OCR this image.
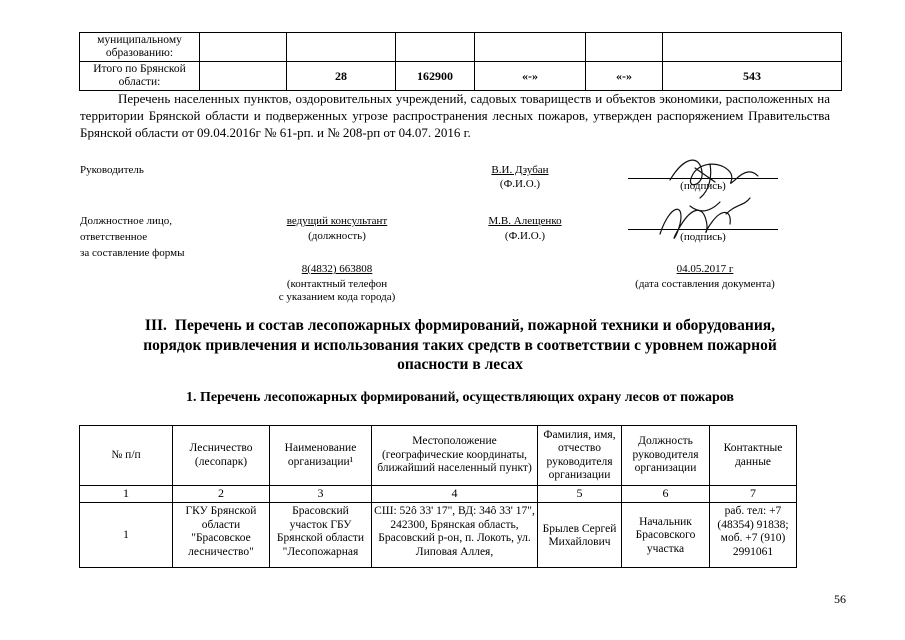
муниципальному образованию:						
Итого по Брянской области:		28	162900	«-»	«-»	543
Перечень населенных пунктов, оздоровительных учреждений, садовых товариществ и объектов экономики, расположенных на территории Брянской области и подверженных угрозе распространения лесных пожаров, утвержден распоряжением Правительства Брянской области от 09.04.2016г № 61-рп. и № 208-рп от 04.07. 2016 г.
Руководитель	В.И. Дзубан
(Ф.И.О.)	(подпись)
Должностное лицо,
ответственное
за составление формы
ведущий консультант
(должность)
М.В. Алещенко
(Ф.И.О.)	(подпись)
8(4832) 663808
(контактный телефон
с указанием кода города)
04.05.2017 г
(дата составления документа)
III. Перечень и состав лесопожарных формирований, пожарной техники и оборудования,
порядок привлечения и использования таких средств в соответствии с уровнем пожарной
опасности в лесах
1. Перечень лесопожарных формирований, осуществляющих охрану лесов от пожаров
№ п/п	Лесничество (лесопарк)	Наименование организации¹	Местоположение (географические координаты, ближайший населенный пункт)	Фамилия, имя, отчество руководителя организации	Должность руководителя организации	Контактные данные
1	2	3	4	5	6	7
1	ГКУ Брянской области "Брасовское лесничество"	Брасовский участок ГБУ Брянской области "Лесопожарная	СШ: 52ô 33' 17", ВД: 34ô 33' 17", 242300, Брянская область, Брасовский р-он, п. Локоть, ул. Липовая Аллея,	Брылев Сергей Михайлович	Начальник Брасовского участка	раб. тел: +7 (48354) 91838; моб. +7 (910) 2991061
56
